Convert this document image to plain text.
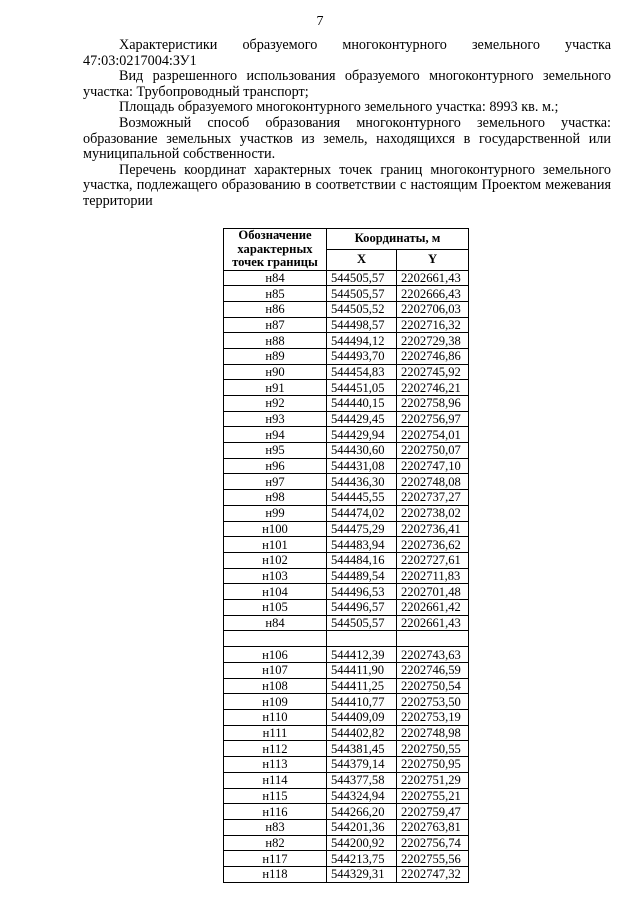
7

Характеристики образуемого многоконтурного земельного участка 47:03:0217004:ЗУ1

Вид разрешенного использования образуемого многоконтурного земельного участка: Трубопроводный транспорт;

Площадь образуемого многоконтурного земельного участка: 8993 кв. м.;

Возможный способ образования многоконтурного земельного участка: образование земельных участков из земель, находящихся в государственной или муниципальной собственности.

Перечень координат характерных точек границ многоконтурного земельного участка, подлежащего образованию в соответствии с настоящим Проектом межевания территории

Обозначение характерных точек границы	Координаты, м	
	X	Y
н84	544505,57	2202661,43
н85	544505,57	2202666,43
н86	544505,52	2202706,03
н87	544498,57	2202716,32
н88	544494,12	2202729,38
н89	544493,70	2202746,86
н90	544454,83	2202745,92
н91	544451,05	2202746,21
н92	544440,15	2202758,96
н93	544429,45	2202756,97
н94	544429,94	2202754,01
н95	544430,60	2202750,07
н96	544431,08	2202747,10
н97	544436,30	2202748,08
н98	544445,55	2202737,27
н99	544474,02	2202738,02
н100	544475,29	2202736,41
н101	544483,94	2202736,62
н102	544484,16	2202727,61
н103	544489,54	2202711,83
н104	544496,53	2202701,48
н105	544496,57	2202661,42
н84	544505,57	2202661,43

н106	544412,39	2202743,63
н107	544411,90	2202746,59
н108	544411,25	2202750,54
н109	544410,77	2202753,50
н110	544409,09	2202753,19
н111	544402,82	2202748,98
н112	544381,45	2202750,55
н113	544379,14	2202750,95
н114	544377,58	2202751,29
н115	544324,94	2202755,21
н116	544266,20	2202759,47
н83	544201,36	2202763,81
н82	544200,92	2202756,74
н117	544213,75	2202755,56
н118	544329,31	2202747,32
